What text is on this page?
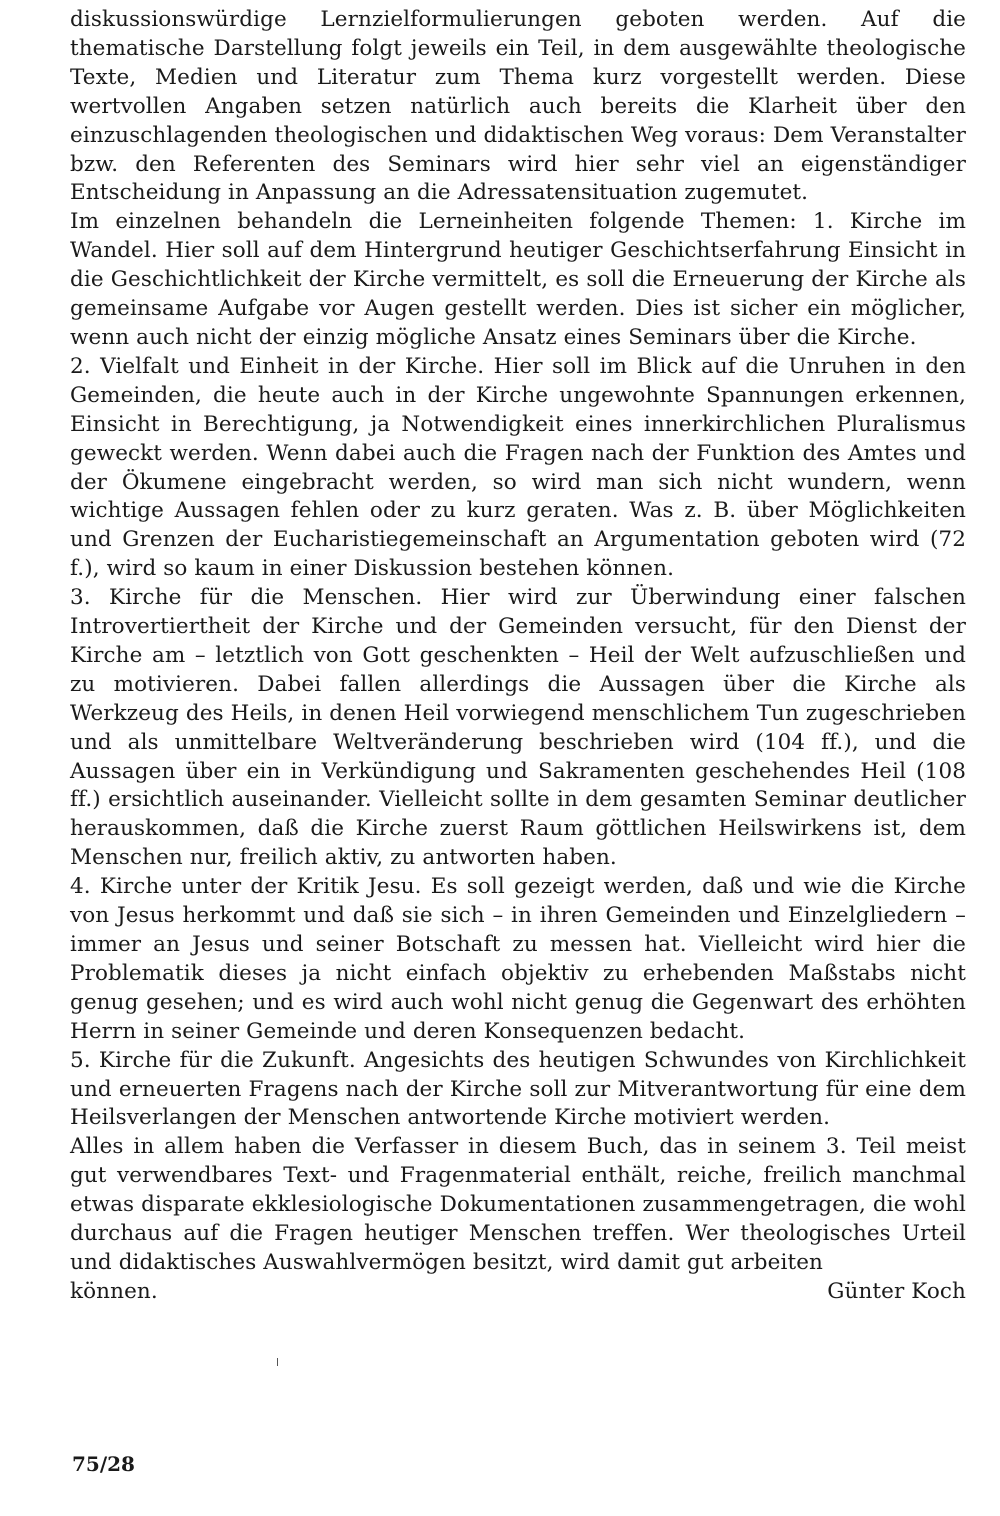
diskussionswürdige Lernzielformulierungen geboten werden. Auf die thematische Darstellung folgt jeweils ein Teil, in dem ausgewählte theologische Texte, Medien und Literatur zum Thema kurz vorgestellt werden. Diese wertvollen Angaben setzen natürlich auch bereits die Klarheit über den einzuschlagenden theologischen und didaktischen Weg voraus: Dem Veranstalter bzw. den Referenten des Seminars wird hier sehr viel an eigenständiger Entscheidung in Anpassung an die Adressatensituation zugemutet.

Im einzelnen behandeln die Lerneinheiten folgende Themen: 1. Kirche im Wandel. Hier soll auf dem Hintergrund heutiger Geschichtserfahrung Einsicht in die Geschichtlichkeit der Kirche vermittelt, es soll die Erneuerung der Kirche als gemeinsame Aufgabe vor Augen gestellt werden. Dies ist sicher ein möglicher, wenn auch nicht der einzig mögliche Ansatz eines Seminars über die Kirche.

2. Vielfalt und Einheit in der Kirche. Hier soll im Blick auf die Unruhen in den Gemeinden, die heute auch in der Kirche ungewohnte Spannungen erkennen, Einsicht in Berechtigung, ja Notwendigkeit eines innerkirchlichen Pluralismus geweckt werden. Wenn dabei auch die Fragen nach der Funktion des Amtes und der Ökumene eingebracht werden, so wird man sich nicht wundern, wenn wichtige Aussagen fehlen oder zu kurz geraten. Was z. B. über Möglichkeiten und Grenzen der Eucharistiegemeinschaft an Argumentation geboten wird (72 f.), wird so kaum in einer Diskussion bestehen können.

3. Kirche für die Menschen. Hier wird zur Überwindung einer falschen Introvertiertheit der Kirche und der Gemeinden versucht, für den Dienst der Kirche am – letztlich von Gott geschenkten – Heil der Welt aufzuschließen und zu motivieren. Dabei fallen allerdings die Aussagen über die Kirche als Werkzeug des Heils, in denen Heil vorwiegend menschlichem Tun zugeschrieben und als unmittelbare Weltveränderung beschrieben wird (104 ff.), und die Aussagen über ein in Verkündigung und Sakramenten geschehendes Heil (108 ff.) ersichtlich auseinander. Vielleicht sollte in dem gesamten Seminar deutlicher herauskommen, daß die Kirche zuerst Raum göttlichen Heilswirkens ist, dem Menschen nur, freilich aktiv, zu antworten haben.

4. Kirche unter der Kritik Jesu. Es soll gezeigt werden, daß und wie die Kirche von Jesus herkommt und daß sie sich – in ihren Gemeinden und Einzelgliedern – immer an Jesus und seiner Botschaft zu messen hat. Vielleicht wird hier die Problematik dieses ja nicht einfach objektiv zu erhebenden Maßstabs nicht genug gesehen; und es wird auch wohl nicht genug die Gegenwart des erhöhten Herrn in seiner Gemeinde und deren Konsequenzen bedacht.

5. Kirche für die Zukunft. Angesichts des heutigen Schwundes von Kirchlichkeit und erneuerten Fragens nach der Kirche soll zur Mitverantwortung für eine dem Heilsverlangen der Menschen antwortende Kirche motiviert werden.

Alles in allem haben die Verfasser in diesem Buch, das in seinem 3. Teil meist gut verwendbares Text- und Fragenmaterial enthält, reiche, freilich manchmal etwas disparate ekklesiologische Dokumentationen zusammengetragen, die wohl durchaus auf die Fragen heutiger Menschen treffen. Wer theologisches Urteil und didaktisches Auswahlvermögen besitzt, wird damit gut arbeiten

können.	Günter Koch
75/28
